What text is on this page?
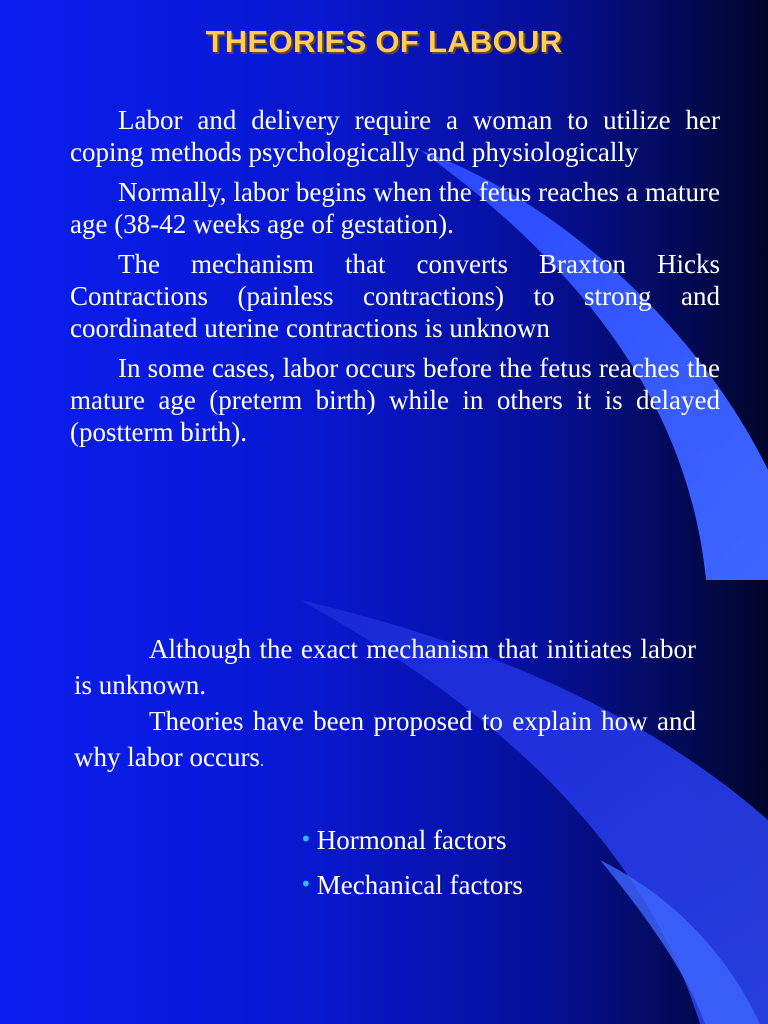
THEORIES OF LABOUR

Labor and delivery require a woman to utilize her coping methods psychologically and physiologically

Normally, labor begins when the fetus reaches a mature age (38-42 weeks age of gestation).

The mechanism that converts Braxton Hicks Contractions (painless contractions) to strong and coordinated uterine contractions is unknown

In some cases, labor occurs before the fetus reaches the mature age (preterm birth) while in others it is delayed (postterm birth).

Although the exact mechanism that initiates labor is unknown.

Theories have been proposed to explain how and why labor occurs.

• Hormonal factors
• Mechanical factors
